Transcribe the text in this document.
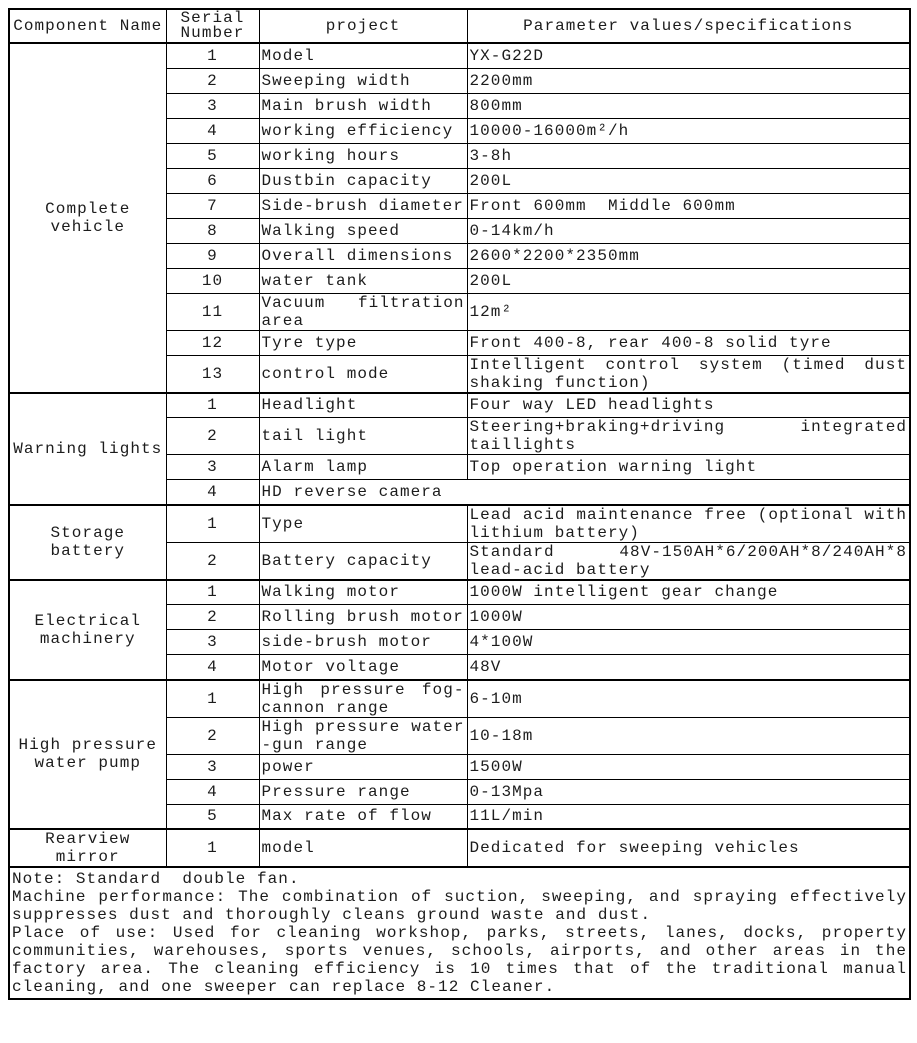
Component Name	Serial Number	project	Parameter values/specifications
Complete vehicle	1	Model	YX-G22D
	2	Sweeping width	2200mm
	3	Main brush width	800mm
	4	working efficiency	10000-16000m²/h
	5	working hours	3-8h
	6	Dustbin capacity	200L
	7	Side-brush diameter	Front 600mm  Middle 600mm
	8	Walking speed	0-14km/h
	9	Overall dimensions	2600*2200*2350mm
	10	water tank	200L
	11	Vacuum filtration area	12m²
	12	Tyre type	Front 400-8, rear 400-8 solid tyre
	13	control mode	Intelligent control system (timed dust shaking function)
Warning lights	1	Headlight	Four way LED headlights
	2	tail light	Steering+braking+driving integrated taillights
	3	Alarm lamp	Top operation warning light
	4	HD reverse camera	
Storage battery	1	Type	Lead acid maintenance free (optional with lithium battery)
	2	Battery capacity	Standard 48V-150AH*6/200AH*8/240AH*8 lead-acid battery
Electrical machinery	1	Walking motor	1000W intelligent gear change
	2	Rolling brush motor	1000W
	3	side-brush motor	4*100W
	4	Motor voltage	48V
High pressure water pump	1	High pressure fog-cannon range	6-10m
	2	High pressure water -gun range	10-18m
	3	power	1500W
	4	Pressure range	0-13Mpa
	5	Max rate of flow	11L/min
Rearview mirror	1	model	Dedicated for sweeping vehicles

Note: Standard  double fan.

Machine performance: The combination of suction, sweeping, and spraying effectively suppresses dust and thoroughly cleans ground waste and dust.

Place of use: Used for cleaning workshop, parks, streets, lanes, docks, property communities, warehouses, sports venues, schools, airports, and other areas in the factory area. The cleaning efficiency is 10 times that of the traditional manual cleaning, and one sweeper can replace 8-12 Cleaner.			
